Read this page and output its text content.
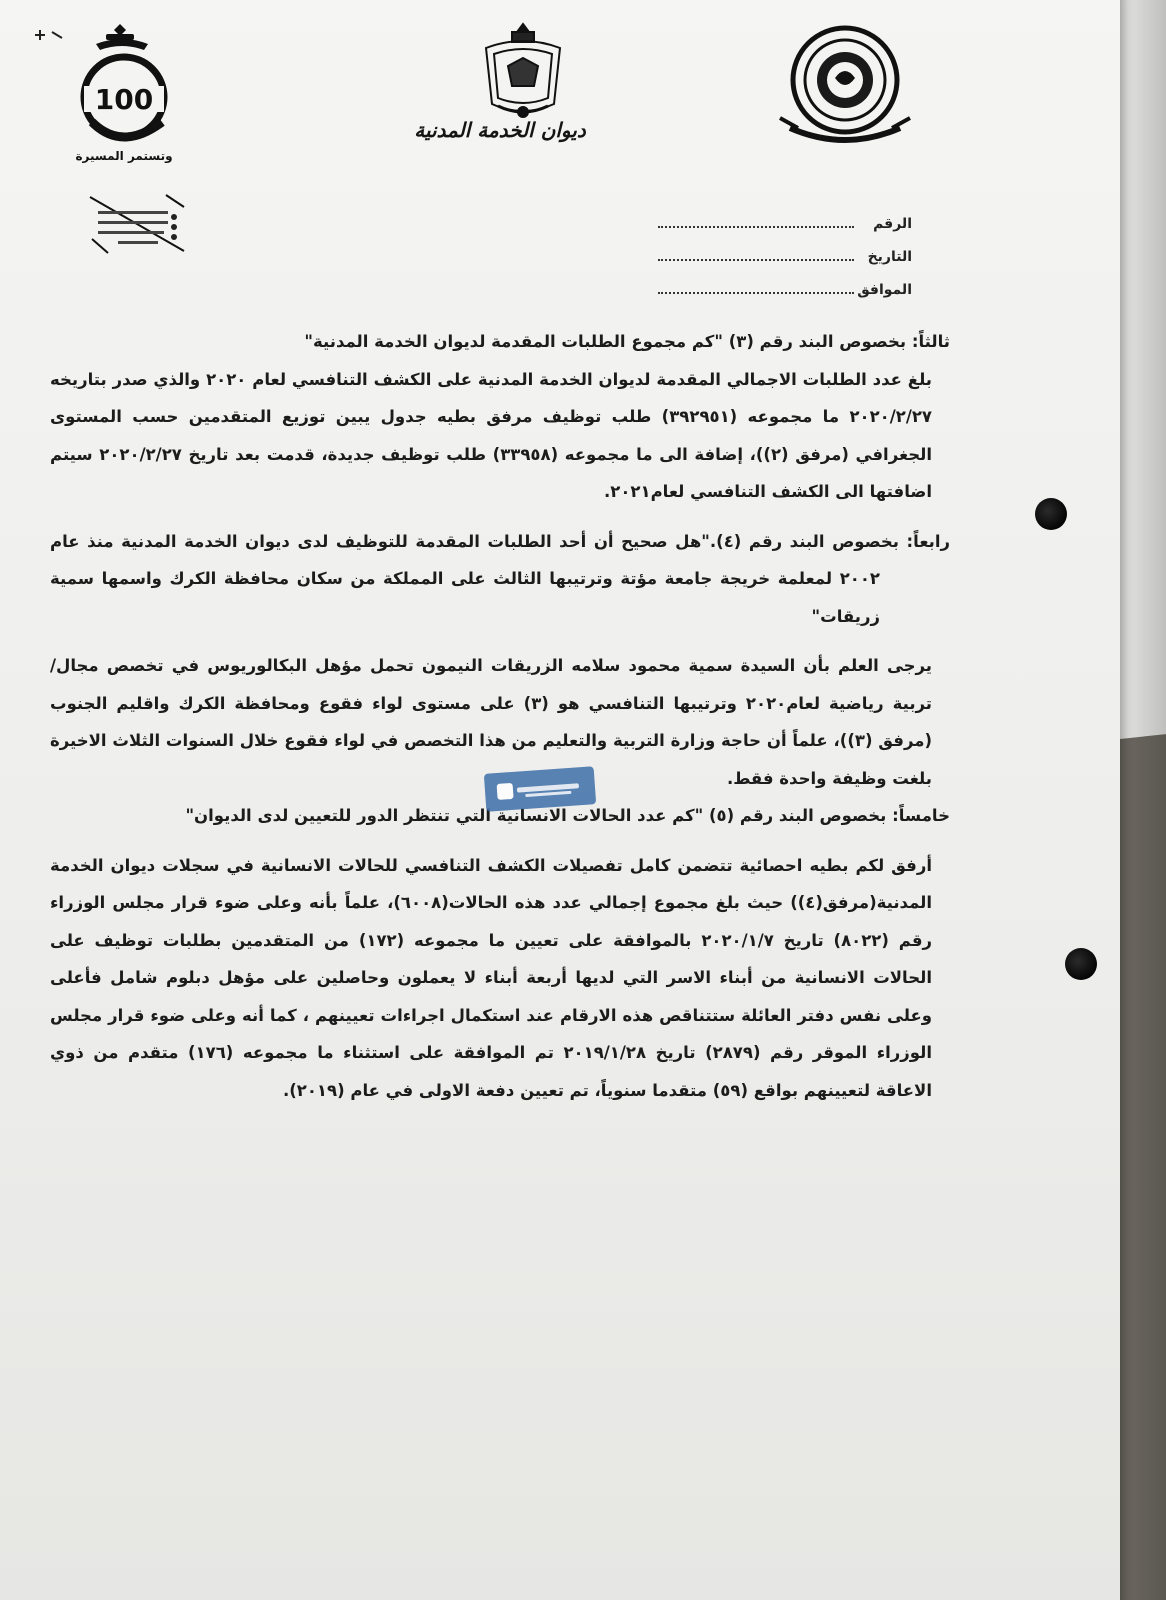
100
وتستمر المسيرة
ديوان الخدمة المدنية
الرقم
التاريخ
الموافق

ثالثاً: بخصوص البند رقم (٣) "كم مجموع الطلبات المقدمة لديوان الخدمة المدنية"

بلغ عدد الطلبات الاجمالي المقدمة لديوان الخدمة المدنية على الكشف التنافسي لعام ٢٠٢٠ والذي صدر بتاريخه ٢٠٢٠/٢/٢٧ ما مجموعه (٣٩٢٩٥١) طلب توظيف مرفق بطيه جدول يبين توزيع المتقدمين حسب المستوى الجغرافي (مرفق (٢))، إضافة الى ما مجموعه (٣٣٩٥٨) طلب توظيف جديدة، قدمت بعد تاريخ ٢٠٢٠/٢/٢٧ سيتم اضافتها الى الكشف التنافسي لعام٢٠٢١.

رابعاً: بخصوص البند رقم (٤)."هل صحيح أن أحد الطلبات المقدمة للتوظيف لدى ديوان الخدمة المدنية منذ عام ٢٠٠٢ لمعلمة خريجة جامعة مؤتة وترتيبها الثالث على المملكة من سكان محافظة الكرك واسمها سمية زريقات"

يرجى العلم بأن السيدة سمية محمود سلامه الزريقات النيمون تحمل مؤهل البكالوريوس في تخصص مجال/تربية رياضية لعام٢٠٢٠ وترتيبها التنافسي هو (٣) على مستوى لواء فقوع ومحافظة الكرك واقليم الجنوب (مرفق (٣))، علماً أن حاجة وزارة التربية والتعليم من هذا التخصص في لواء فقوع خلال السنوات الثلاث الاخيرة بلغت وظيفة واحدة فقط.

خامساً: بخصوص البند رقم (٥) "كم عدد الحالات الانسانية التي تنتظر الدور للتعيين لدى الديوان"

أرفق لكم بطيه احصائية تتضمن كامل تفصيلات الكشف التنافسي للحالات الانسانية في سجلات ديوان الخدمة المدنية(مرفق(٤)) حيث بلغ مجموع إجمالي عدد هذه الحالات(٦٠٠٨)، علماً بأنه وعلى ضوء قرار مجلس الوزراء رقم (٨٠٢٢) تاريخ ٢٠٢٠/١/٧ بالموافقة على تعيين ما مجموعه (١٧٢) من المتقدمين بطلبات توظيف على الحالات الانسانية من أبناء الاسر التي لديها أربعة أبناء لا يعملون وحاصلين على مؤهل دبلوم شامل فأعلى وعلى نفس دفتر العائلة ستتناقص هذه الارقام عند استكمال اجراءات تعيينهم ، كما أنه وعلى ضوء قرار مجلس الوزراء الموقر رقم (٢٨٧٩) تاريخ ٢٠١٩/١/٢٨ تم الموافقة على استثناء ما مجموعه (١٧٦) متقدم من ذوي الاعاقة لتعيينهم بواقع (٥٩) متقدما سنوياً، تم تعيين دفعة الاولى في عام (٢٠١٩).
